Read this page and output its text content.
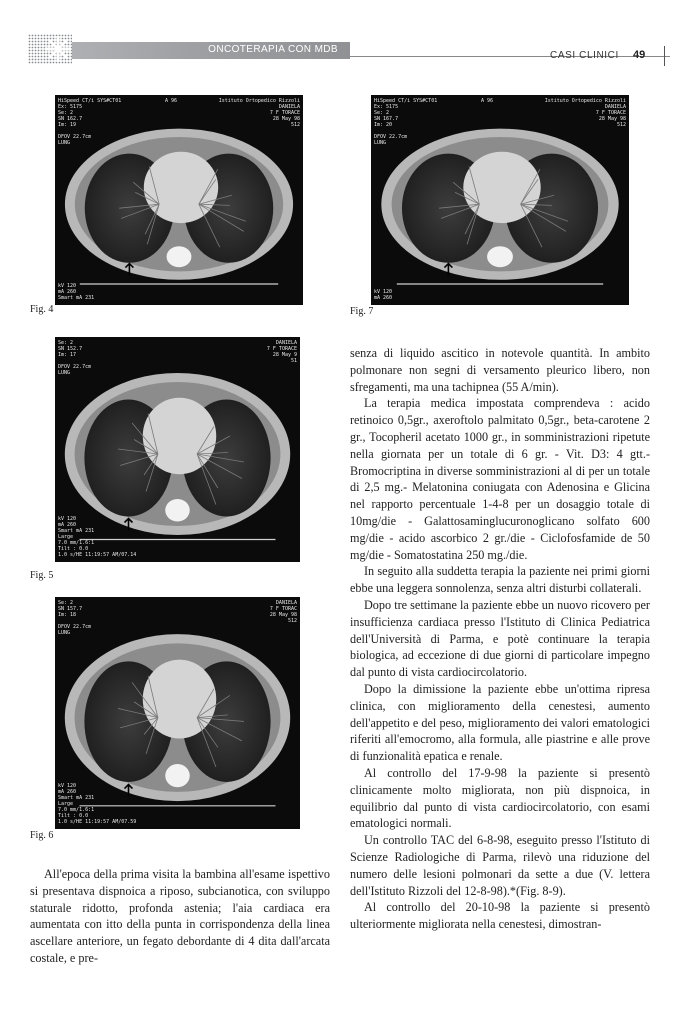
ONCOTERAPIA CON MDB
CASI CLINICI 49
HiSpeed CT/i SYS#CT01
Ex: 5175
Se: 2
SN 162.7
Im: 19

DFOV 22.7cm
LUNG
A 96	Istituto Ortopedico Rizzoli
DANIELA
7 F TORACE
28 May 98
512
kV 120
mA 260
Smart mA 231
Fig. 4
HiSpeed CT/i SYS#CT01
Ex: 5175
Se: 2
SN 167.7
Im: 20

DFOV 22.7cm
LUNG
A 96	Istituto Ortopedico Rizzoli
DANIELA
7 F TORACE
28 May 98
512
kV 120
mA 260
Fig. 7
Se: 2
SN 152.7
Im: 17

DFOV 22.7cm
LUNG
DANIELA
7 F TORACE
28 May 9
51
kV 120
mA 260
Smart mA 231
Large
7.0 mm/1.6:1
Tilt : 0.0
1.0 s/HE 11:19:57 AM/07.14
Fig. 5
Se: 2
SN 157.7
Im: 18

DFOV 22.7cm
LUNG
DANIELA
7 F TORAC
28 May 98
512
kV 120
mA 260
Smart mA 231
Large
7.0 mm/1.6:1
Tilt : 0.0
1.0 s/HE 11:19:57 AM/07.59
Fig. 6

All'epoca della prima visita la bambina all'esame ispettivo si presentava dispnoica a riposo, subcianotica, con sviluppo staturale ridotto, profonda astenia; l'aia cardiaca era aumentata con itto della punta in corrispondenza della linea ascellare anteriore, un fegato debordante di 4 dita dall'arcata costale, e pre-

senza di liquido ascitico in notevole quantità. In ambito polmonare non segni di versamento pleurico libero, non sfregamenti, ma una tachipnea (55 A/min).

La terapia medica impostata comprendeva : acido retinoico 0,5gr., axeroftolo palmitato 0,5gr., beta-carotene 2 gr., Tocopheril acetato 1000 gr., in somministrazioni ripetute nella giornata per un totale di 6 gr. - Vit. D3: 4 gtt.- Bromocriptina in diverse somministrazioni al di per un totale di 2,5 mg.- Melatonina coniugata con Adenosina e Glicina nel rapporto percentuale 1-4-8 per un dosaggio totale di 10mg/die - Galattosaminglucuronoglicano solfato 600 mg/die - acido ascorbico 2 gr./die - Ciclofosfamide de 50 mg/die - Somatostatina 250 mg./die.

In seguito alla suddetta terapia la paziente nei primi giorni ebbe una leggera sonnolenza, senza altri disturbi collaterali.

Dopo tre settimane la paziente ebbe un nuovo ricovero per insufficienza cardiaca presso l'Istituto di Clinica Pediatrica dell'Università di Parma, e potè continuare la terapia biologica, ad eccezione di due giorni di particolare impegno dal punto di vista cardiocircolatorio.

Dopo la dimissione la paziente ebbe un'ottima ripresa clinica, con miglioramento della cenestesi, aumento dell'appetito e del peso, miglioramento dei valori ematologici riferiti all'emocromo, alla formula, alle piastrine e alle prove di funzionalità epatica e renale.

Al controllo del 17-9-98 la paziente si presentò clinicamente molto migliorata, non più dispnoica, in equilibrio dal punto di vista cardiocircolatorio, con esami ematologici normali.

Un controllo TAC del 6-8-98, eseguito presso l'Istituto di Scienze Radiologiche di Parma, rilevò una riduzione del numero delle lesioni polmonari da sette a due (V. lettera dell'Istituto Rizzoli del 12-8-98).*(Fig. 8-9).

Al controllo del 20-10-98 la paziente si presentò ulteriormente migliorata nella cenestesi, dimostran-
